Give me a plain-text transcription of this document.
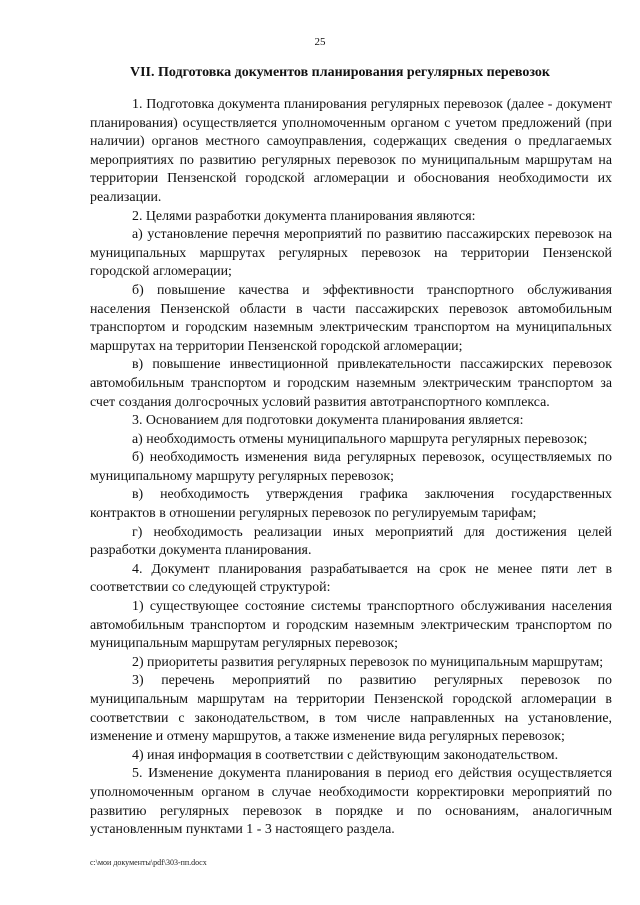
25
VII. Подготовка документов планирования регулярных перевозок

1. Подготовка документа планирования регулярных перевозок (далее - документ планирования) осуществляется уполномоченным органом с учетом предложений (при наличии) органов местного самоуправления, содержащих сведения о предлагаемых мероприятиях по развитию регулярных перевозок по муниципальным маршрутам на территории Пензенской городской агломерации и обоснования необходимости их реализации.

2. Целями разработки документа планирования являются:

а) установление перечня мероприятий по развитию пассажирских перевозок на муниципальных маршрутах регулярных перевозок на территории Пензенской городской агломерации;

б) повышение качества и эффективности транспортного обслуживания населения Пензенской области в части пассажирских перевозок автомобильным транспортом и городским наземным электрическим транспортом на муниципальных маршрутах на территории Пензенской городской агломерации;

в) повышение инвестиционной привлекательности пассажирских перевозок автомобильным транспортом и городским наземным электрическим транспортом за счет создания долгосрочных условий развития автотранспортного комплекса.

3. Основанием для подготовки документа планирования является:

а) необходимость отмены муниципального маршрута регулярных перевозок;

б) необходимость изменения вида регулярных перевозок, осуществляемых по муниципальному маршруту регулярных перевозок;

в) необходимость утверждения графика заключения государственных контрактов в отношении регулярных перевозок по регулируемым тарифам;

г) необходимость реализации иных мероприятий для достижения целей разработки документа планирования.

4. Документ планирования разрабатывается на срок не менее пяти лет в соответствии со следующей структурой:

1) существующее состояние системы транспортного обслуживания населения автомобильным транспортом и городским наземным электрическим транспортом по муниципальным маршрутам регулярных перевозок;

2) приоритеты развития регулярных перевозок по муниципальным маршрутам;

3) перечень мероприятий по развитию регулярных перевозок по муниципальным маршрутам на территории Пензенской городской агломерации в соответствии с законодательством, в том числе направленных на установление, изменение и отмену маршрутов, а также изменение вида регулярных перевозок;

4) иная информация в соответствии с действующим законодательством.

5. Изменение документа планирования в период его действия осуществляется уполномоченным органом в случае необходимости корректировки мероприятий по развитию регулярных перевозок в порядке и по основаниям, аналогичным установленным пунктами 1 - 3 настоящего раздела.

c:\мои документы\pdf\303-пп.docx
